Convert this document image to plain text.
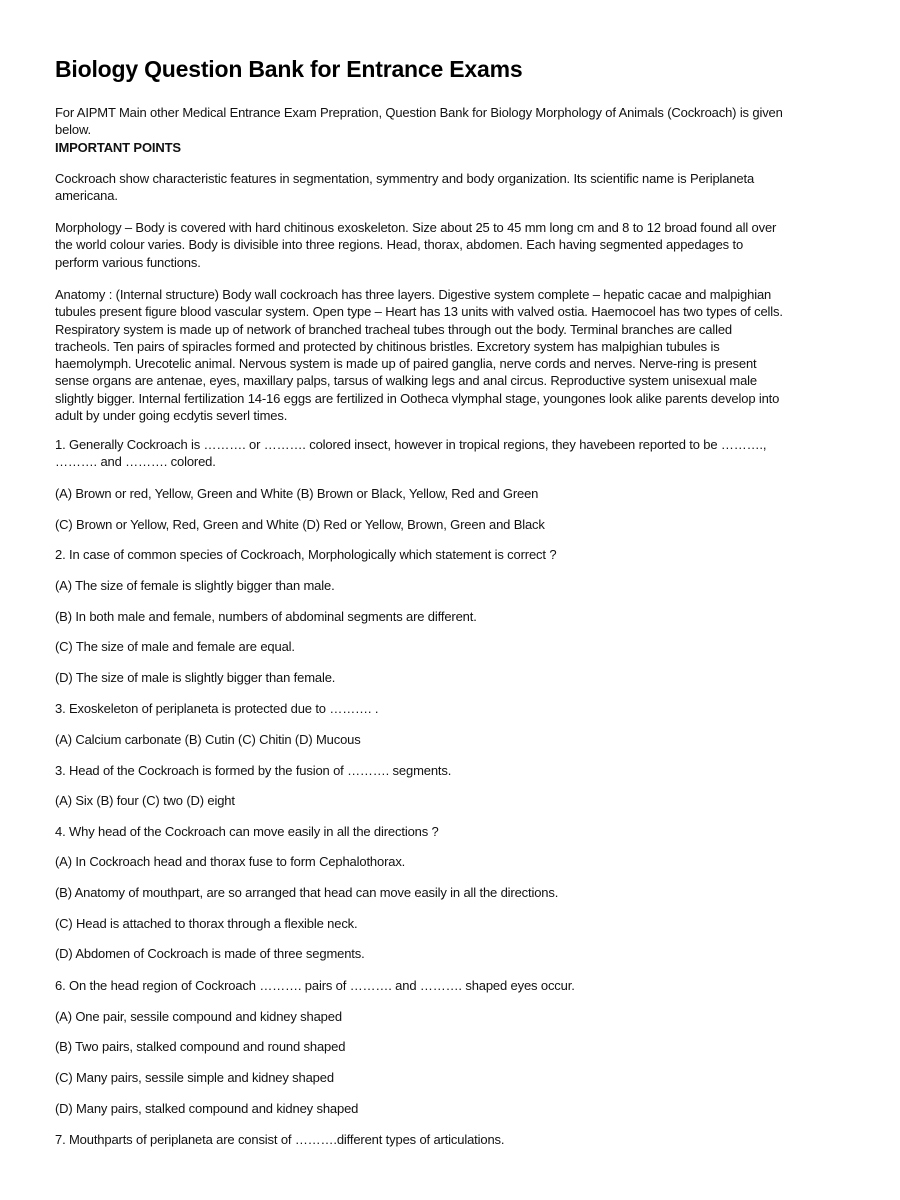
Biology Question Bank for Entrance Exams
For AIPMT Main other Medical Entrance Exam Prepration, Question Bank for Biology Morphology of Animals (Cockroach) is given
below.
IMPORTANT POINTS
Cockroach show characteristic features in segmentation, symmentry and body organization. Its scientific name is Periplaneta
americana.
Morphology – Body is covered with hard chitinous exoskeleton. Size about 25 to 45 mm long cm and 8 to 12 broad found all over
the world colour varies. Body is divisible into three regions. Head, thorax, abdomen. Each having segmented appedages to
perform various functions.
Anatomy : (Internal structure) Body wall cockroach has three layers. Digestive system complete – hepatic cacae and malpighian
tubules present figure blood vascular system. Open type – Heart has 13 units with valved ostia. Haemocoel has two types of cells.
Respiratory system is made up of network of branched tracheal tubes through out the body. Terminal branches are called
tracheols. Ten pairs of spiracles formed and protected by chitinous bristles. Excretory system has malpighian tubules is
haemolymph. Urecotelic animal. Nervous system is made up of paired ganglia, nerve cords and nerves. Nerve-ring is present
sense organs are antenae, eyes, maxillary palps, tarsus of walking legs and anal circus. Reproductive system unisexual male
slightly bigger. Internal fertilization 14-16 eggs are fertilized in Ootheca vlymphal stage, youngones look alike parents develop into
adult by under going ecdytis severl times.
1. Generally Cockroach is ………. or ………. colored insect, however in tropical regions, they havebeen reported to be ……….,
………. and ………. colored.
(A) Brown or red, Yellow, Green and White (B) Brown or Black, Yellow, Red and Green
(C) Brown or Yellow, Red, Green and White (D) Red or Yellow, Brown, Green and Black
2. In case of common species of Cockroach, Morphologically which statement is correct ?
(A) The size of female is slightly bigger than male.
(B) In both male and female, numbers of abdominal segments are different.
(C) The size of male and female are equal.
(D) The size of male is slightly bigger than female.
3. Exoskeleton of periplaneta is protected due to ………. .
(A) Calcium carbonate (B) Cutin (C) Chitin (D) Mucous
3. Head of the Cockroach is formed by the fusion of ………. segments.
(A) Six (B) four (C) two (D) eight
4. Why head of the Cockroach can move easily in all the directions ?
(A) In Cockroach head and thorax fuse to form Cephalothorax.
(B) Anatomy of mouthpart, are so arranged that head can move easily in all the directions.
(C) Head is attached to thorax through a flexible neck.
(D) Abdomen of Cockroach is made of three segments.
6. On the head region of Cockroach ………. pairs of ………. and ………. shaped eyes occur.
(A) One pair, sessile compound and kidney shaped
(B) Two pairs, stalked compound and round shaped
(C) Many pairs, sessile simple and kidney shaped
(D) Many pairs, stalked compound and kidney shaped
7. Mouthparts of periplaneta are consist of ……….different types of articulations.
